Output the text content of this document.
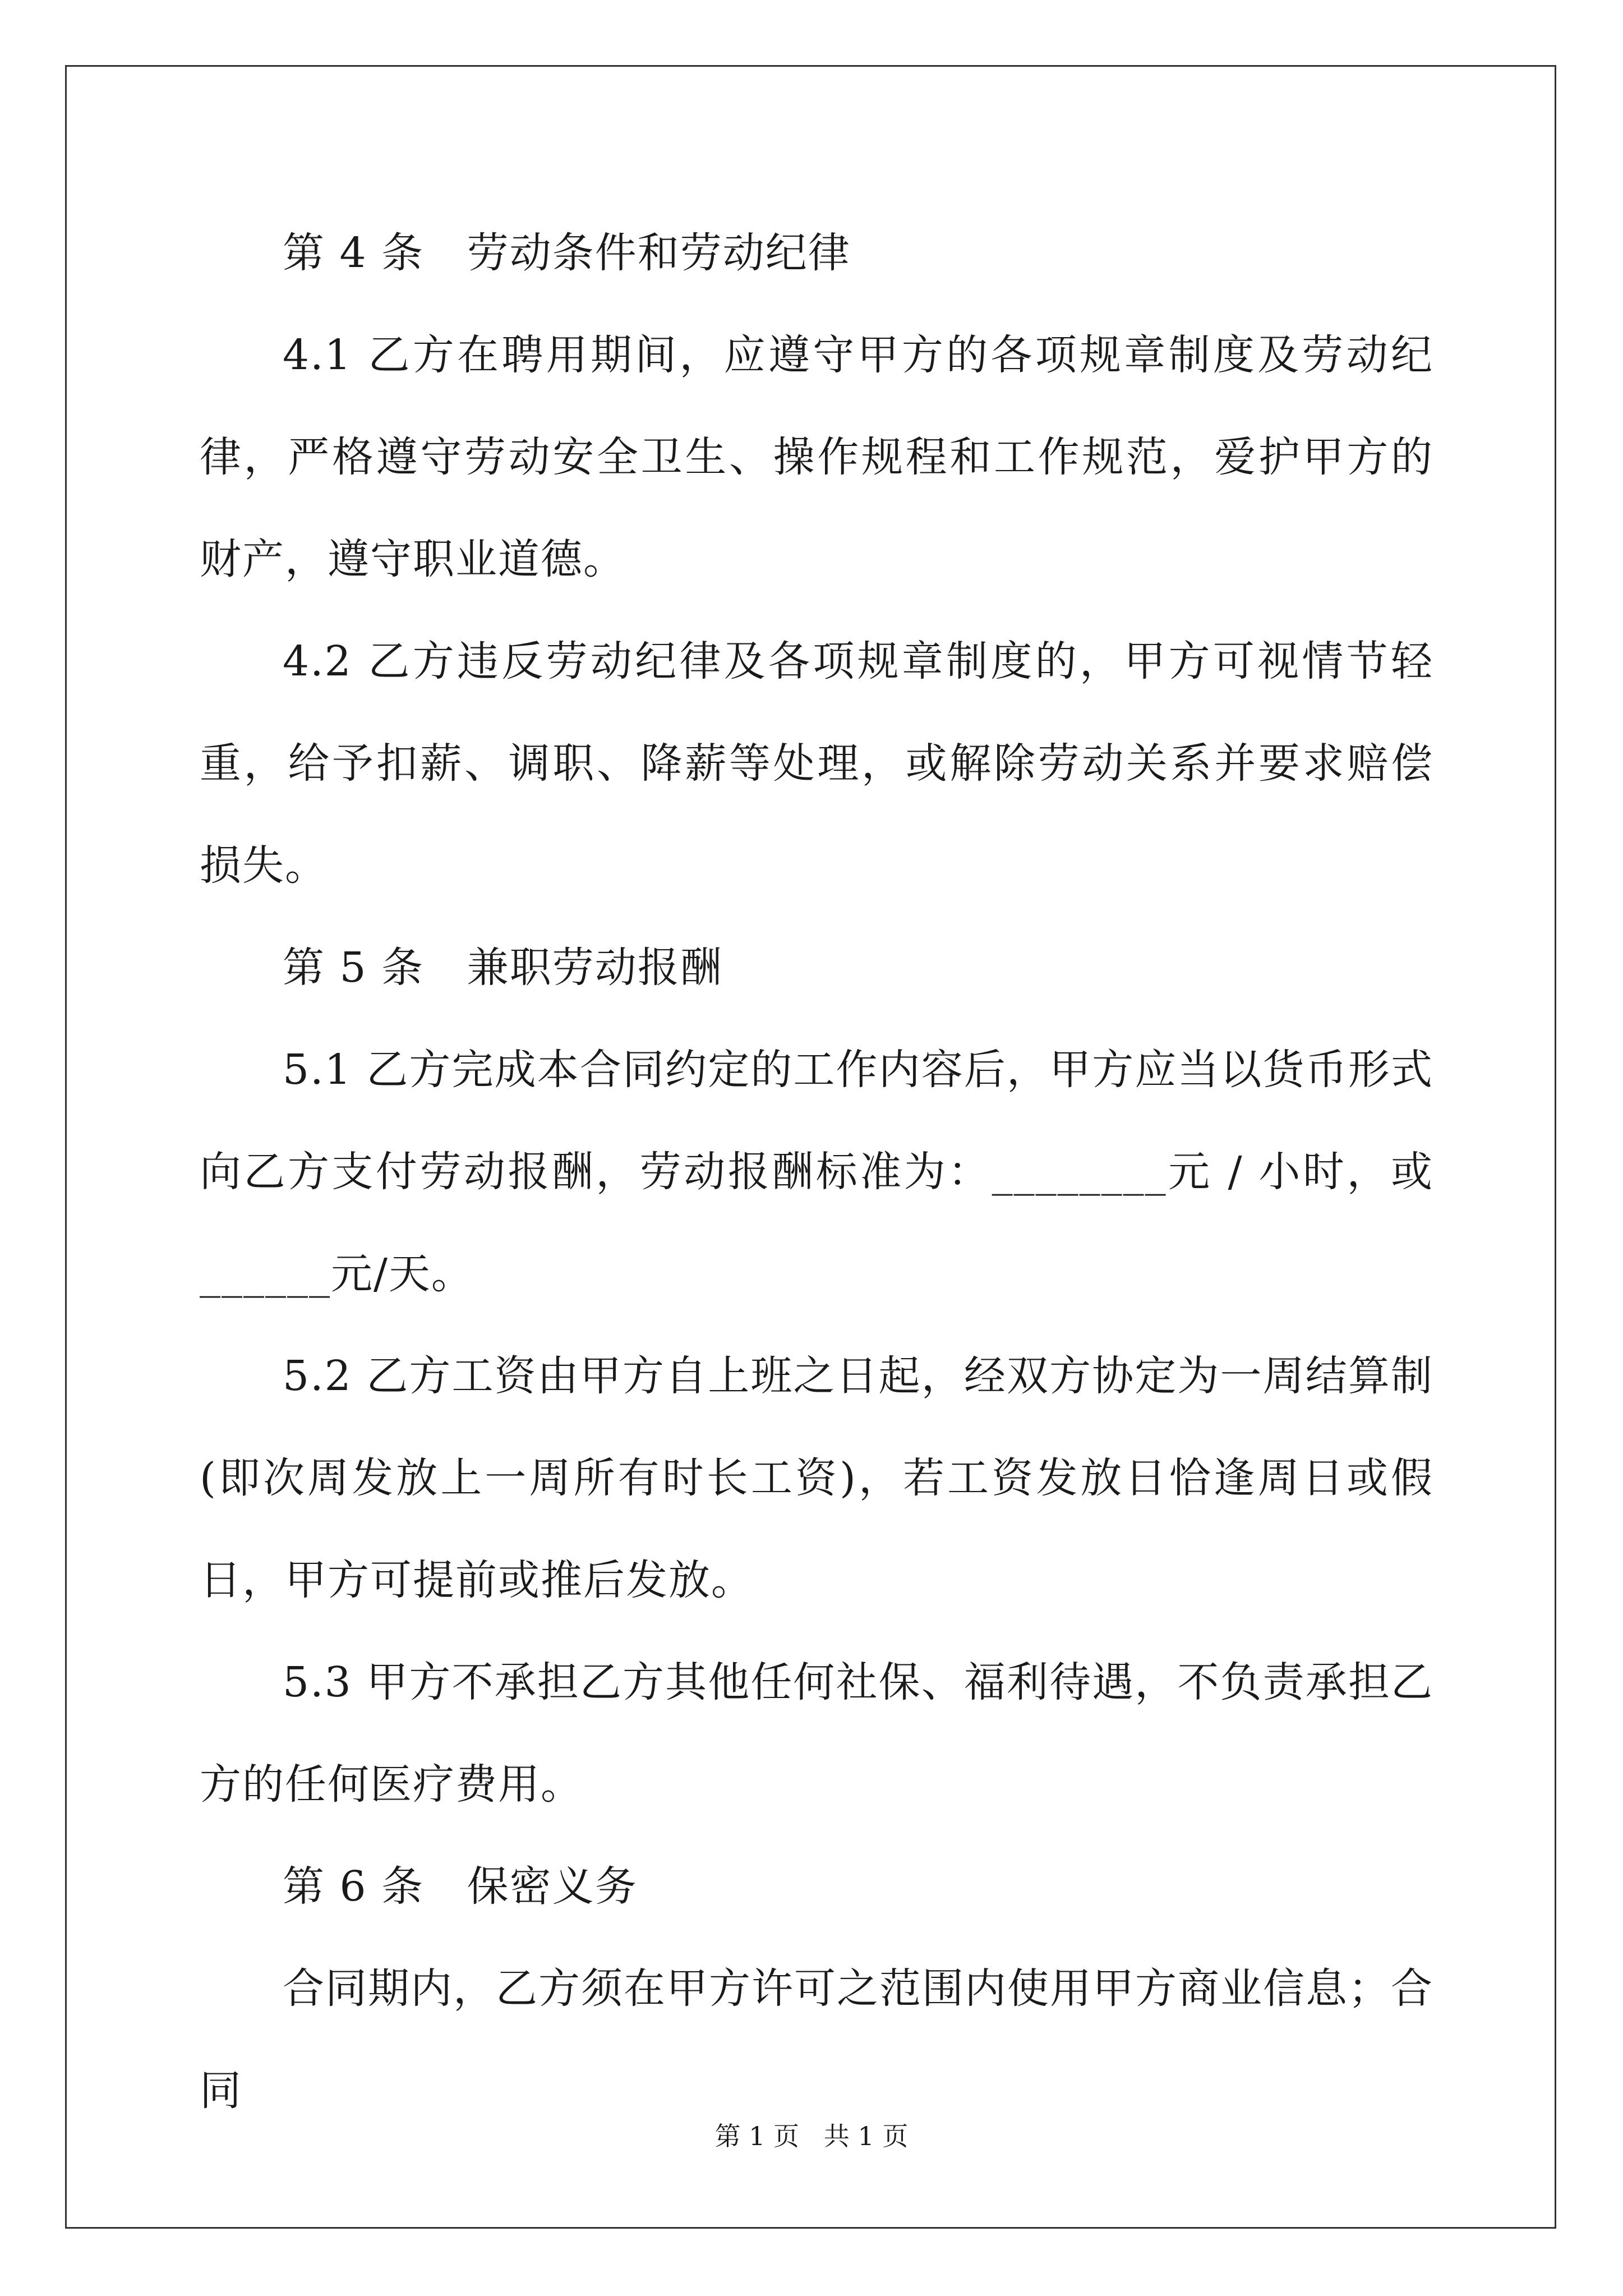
第 4 条   劳动条件和劳动纪律

4.1 乙方在聘用期间，应遵守甲方的各项规章制度及劳动纪律，严格遵守劳动安全卫生、操作规程和工作规范，爱护甲方的财产，遵守职业道德。

4.2 乙方违反劳动纪律及各项规章制度的，甲方可视情节轻重，给予扣薪、调职、降薪等处理，或解除劳动关系并要求赔偿损失。

第 5 条   兼职劳动报酬

5.1 乙方完成本合同约定的工作内容后，甲方应当以货币形式向乙方支付劳动报酬，劳动报酬标准为：________元 / 小时，或______元/天。

5.2 乙方工资由甲方自上班之日起，经双方协定为一周结算制(即次周发放上一周所有时长工资)，若工资发放日恰逢周日或假日，甲方可提前或推后发放。

5.3 甲方不承担乙方其他任何社保、福利待遇，不负责承担乙方的任何医疗费用。

第 6 条   保密义务

合同期内，乙方须在甲方许可之范围内使用甲方商业信息；合同

第 1 页   共 1 页
